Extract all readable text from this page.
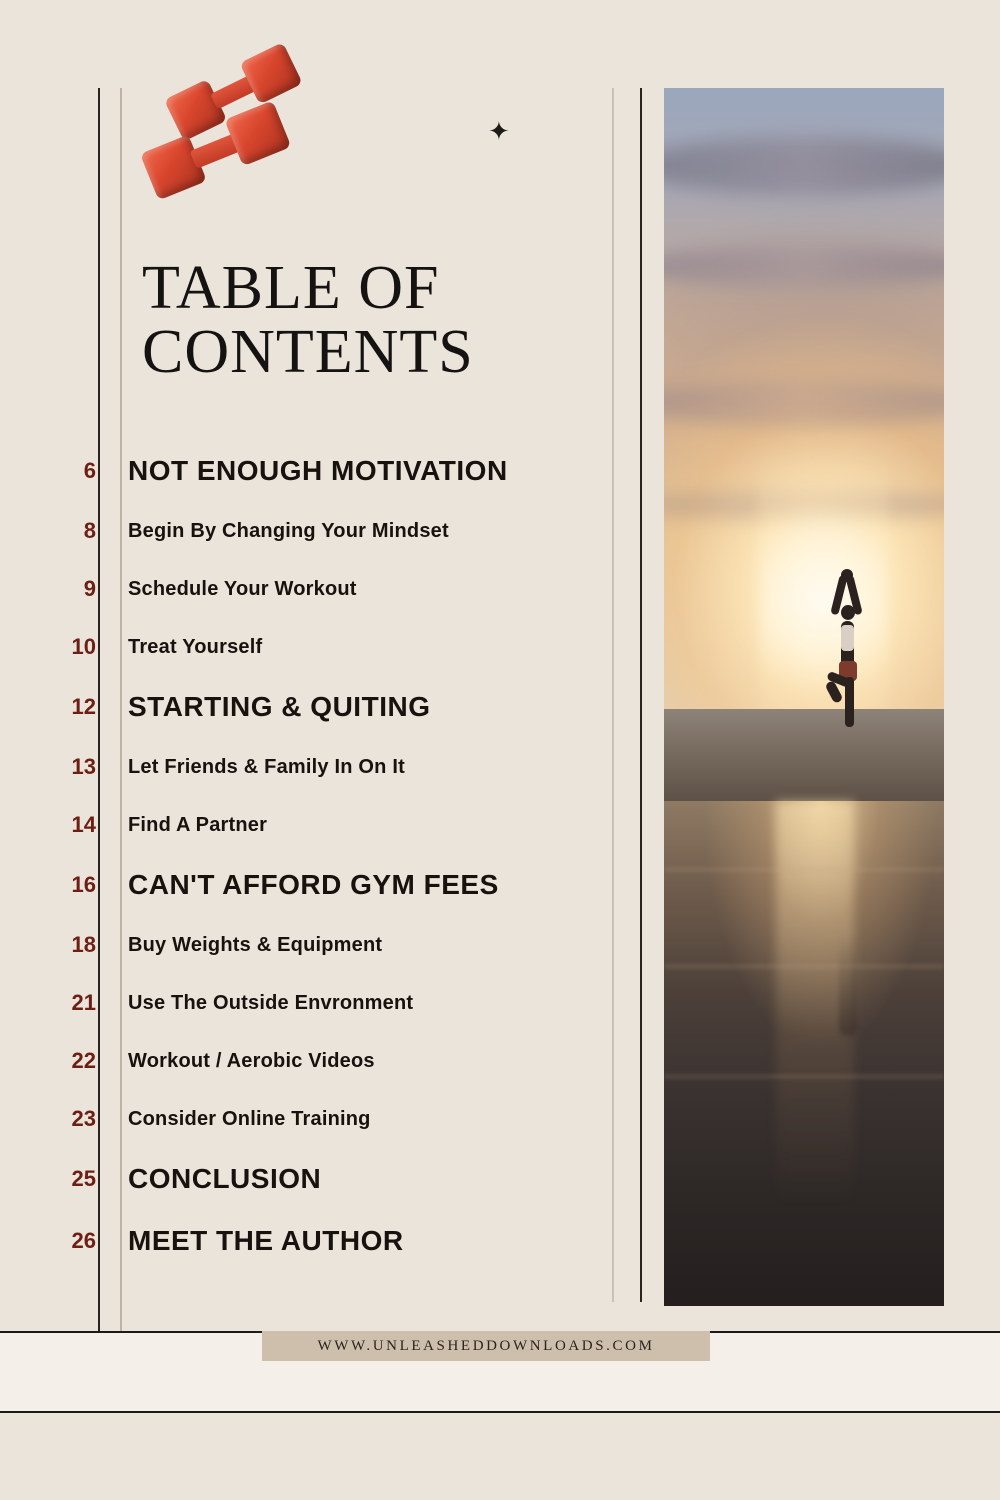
✦
TABLE OF
CONTENTS
6	NOT ENOUGH MOTIVATION
8	Begin By Changing Your Mindset
9	Schedule Your Workout
10	Treat Yourself
12	STARTING & QUITING
13	Let Friends & Family In On It
14	Find A Partner
16	CAN'T AFFORD GYM FEES
18	Buy Weights & Equipment
21	Use The Outside Envronment
22	Workout / Aerobic Videos
23	Consider Online Training
25	CONCLUSION
26	MEET THE AUTHOR
WWW.UNLEASHEDDOWNLOADS.COM
